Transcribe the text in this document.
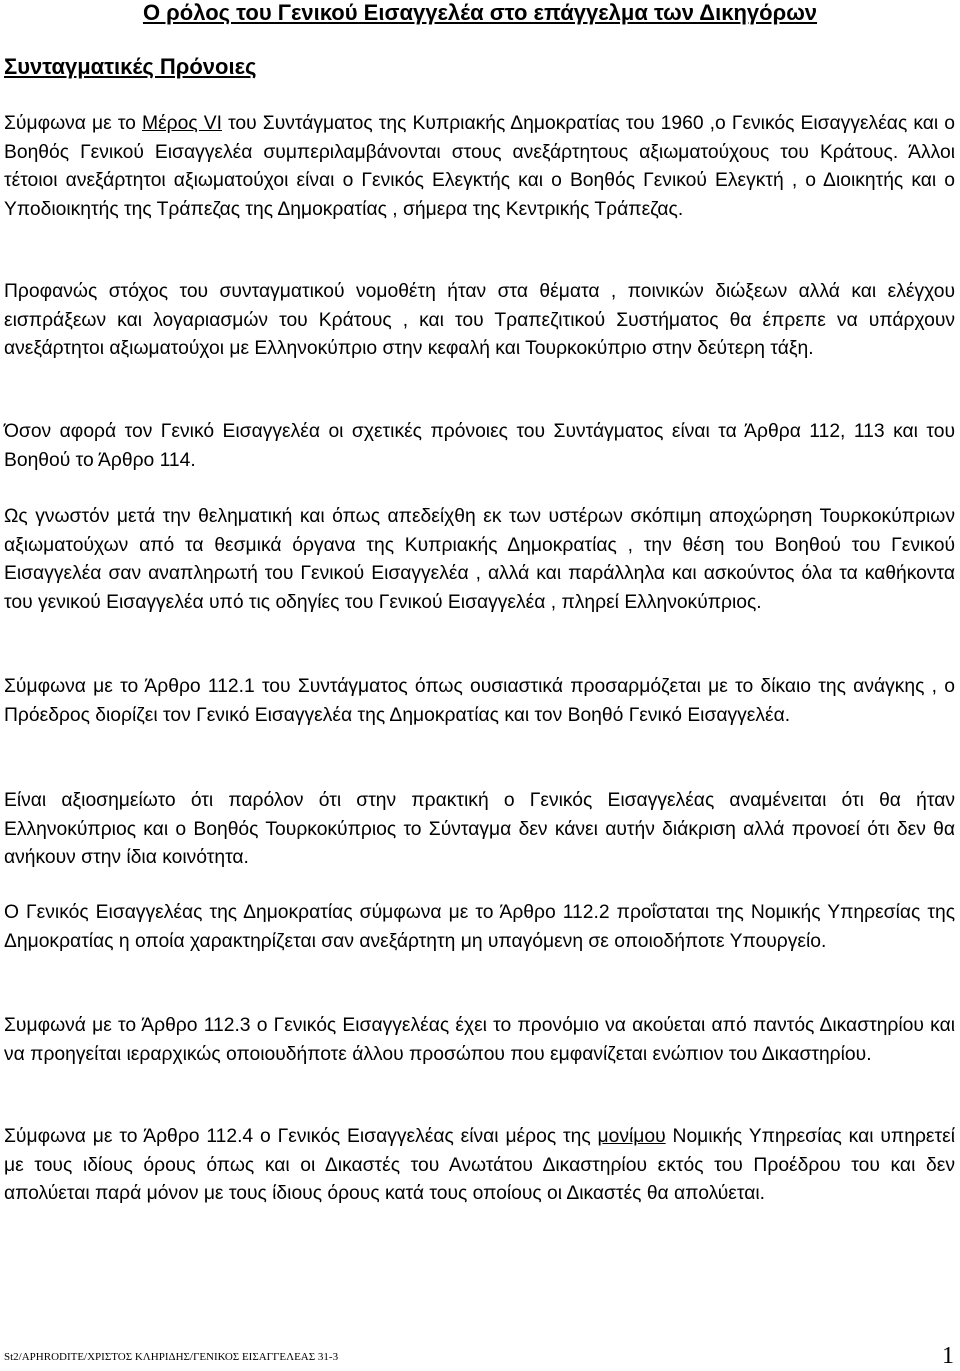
Ο ρόλος του Γενικού Εισαγγελέα στο επάγγελμα των Δικηγόρων
Συνταγματικές Πρόνοιες
Σύμφωνα με το Μέρος VI του Συντάγματος της Κυπριακής Δημοκρατίας του 1960 ,ο Γενικός Εισαγγελέας και ο Βοηθός Γενικού Εισαγγελέα συμπεριλαμβάνονται στους ανεξάρτητους αξιωματούχους του Κράτους. Άλλοι τέτοιοι ανεξάρτητοι αξιωματούχοι είναι ο Γενικός Ελεγκτής και ο Βοηθός Γενικού Ελεγκτή , ο Διοικητής και ο Υποδιοικητής της Τράπεζας της Δημοκρατίας , σήμερα της Κεντρικής Τράπεζας.
Προφανώς στόχος του συνταγματικού νομοθέτη ήταν στα θέματα , ποινικών διώξεων αλλά και ελέγχου εισπράξεων και λογαριασμών του Κράτους , και του Τραπεζιτικού Συστήματος θα έπρεπε να υπάρχουν ανεξάρτητοι αξιωματούχοι με Ελληνοκύπριο στην κεφαλή και Τουρκοκύπριο στην δεύτερη τάξη.
Όσον αφορά τον Γενικό Εισαγγελέα οι σχετικές πρόνοιες του Συντάγματος είναι τα Άρθρα 112, 113 και του Βοηθού το Άρθρο 114.
Ως γνωστόν μετά την θεληματική και όπως απεδείχθη εκ των υστέρων σκόπιμη αποχώρηση Τουρκοκύπριων αξιωματούχων από τα θεσμικά όργανα της Κυπριακής Δημοκρατίας , την θέση του Βοηθού του Γενικού Εισαγγελέα σαν αναπληρωτή του Γενικού Εισαγγελέα , αλλά και παράλληλα και ασκούντος όλα τα καθήκοντα του γενικού Εισαγγελέα υπό τις οδηγίες του Γενικού Εισαγγελέα , πληρεί Ελληνοκύπριος.
Σύμφωνα με το Άρθρο 112.1 του Συντάγματος όπως ουσιαστικά προσαρμόζεται με το δίκαιο της ανάγκης , ο Πρόεδρος διορίζει τον Γενικό Εισαγγελέα της Δημοκρατίας και τον Βοηθό Γενικό Εισαγγελέα.
Είναι αξιοσημείωτο ότι παρόλον ότι στην πρακτική ο Γενικός Εισαγγελέας αναμένειται ότι θα ήταν Ελληνοκύπριος και ο Βοηθός Τουρκοκύπριος το Σύνταγμα δεν κάνει αυτήν διάκριση αλλά προνοεί ότι δεν θα ανήκουν στην ίδια κοινότητα.
Ο Γενικός Εισαγγελέας της Δημοκρατίας σύμφωνα με το Άρθρο 112.2 προΐσταται της Νομικής Υπηρεσίας της Δημοκρατίας η οποία χαρακτηρίζεται σαν ανεξάρτητη μη υπαγόμενη σε οποιοδήποτε Υπουργείο.
Συμφωνά με το Άρθρο 112.3 ο Γενικός Εισαγγελέας έχει το προνόμιο να ακούεται από παντός Δικαστηρίου και να πρoηγείται ιεραρχικώς οποιουδήποτε άλλου προσώπου που εμφανίζεται ενώπιον του Δικαστηρίου.
Σύμφωνα με το Άρθρο 112.4 ο Γενικός Εισαγγελέας είναι μέρος της μονίμου Νομικής Υπηρεσίας και υπηρετεί με τους ιδίους όρους όπως και οι Δικαστές του Ανωτάτου Δικαστηρίου εκτός του Προέδρου του και δεν απολύεται παρά μόνον με τους ίδιους όρους κατά τους οποίους οι Δικαστές θα απολύεται.
St2/APHRODITE/ΧΡΙΣΤΟΣ ΚΛΗΡΙΔΗΣ/ΓΕΝΙΚΟΣ ΕΙΣΑΓΓΕΛΕΑΣ 31-3	1
